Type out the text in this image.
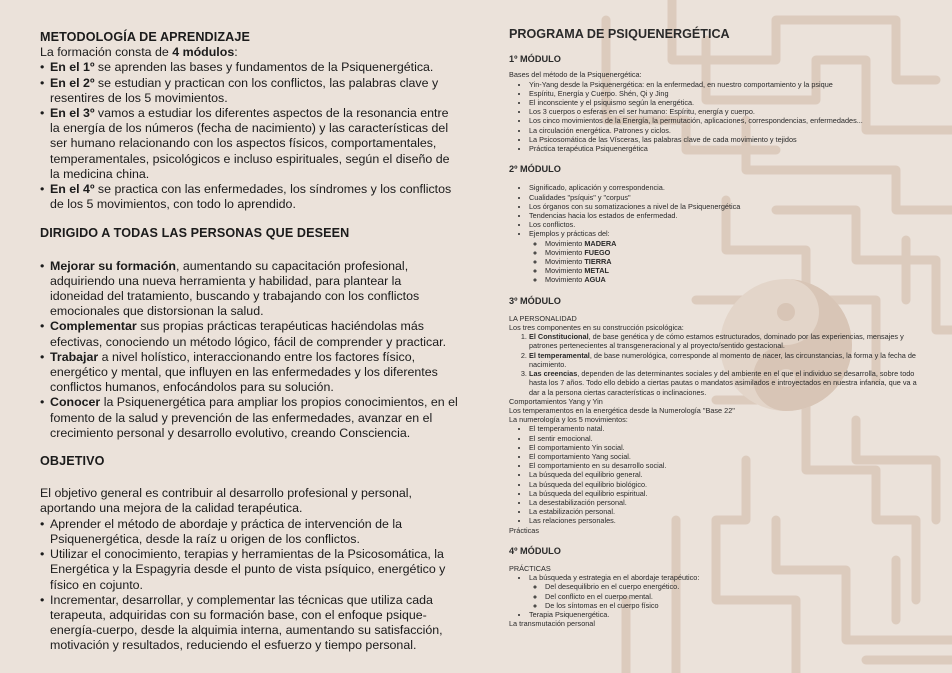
METODOLOGÍA DE APRENDIZAJE

La formación consta de 4 módulos:

• En el 1º se aprenden las bases y fundamentos de la Psiquenergética.
• En el 2º se estudian y practican con los conflictos, las palabras clave y resentires de los 5 movimientos.
• En el 3º vamos a estudiar los diferentes aspectos de la resonancia entre la energía de los números (fecha de nacimiento) y las características del ser humano relacionando con los aspectos físicos, comportamentales, temperamentales, psicológicos e incluso espirituales, según el diseño de la medicina china.
• En el 4º se practica con las enfermedades, los síndromes y los conflictos de los 5 movimientos, con todo lo aprendido.
DIRIGIDO A TODAS LAS PERSONAS QUE DESEEN
• Mejorar su formación, aumentando su capacitación profesional, adquiriendo una nueva herramienta y habilidad, para plantear la idoneidad del tratamiento, buscando y trabajando con los conflictos emocionales que distorsionan la salud.
• Complementar sus propias prácticas terapéuticas haciéndolas más efectivas, conociendo un método lógico, fácil de comprender y practicar.
• Trabajar a nivel holístico, interaccionando entre los factores físico, energético y mental, que influyen en las enfermedades y los diferentes conflictos humanos, enfocándolos para su solución.
• Conocer la Psiquenergética para ampliar los propios conocimientos, en el fomento de la salud y prevención de las enfermedades, avanzar en el crecimiento personal y desarrollo evolutivo, creando Consciencia.
OBJETIVO

El objetivo general es contribuir al desarrollo profesional y personal, aportando una mejora de la calidad terapéutica.

• Aprender el método de abordaje y práctica de intervención de la Psiquenergética, desde la raíz u origen de los conflictos.
• Utilizar el conocimiento, terapias y herramientas de la Psicosomática, la Energética y la Espagyria desde el punto de vista psíquico, energético y físico en cojunto.
• Incrementar, desarrollar, y complementar las técnicas que utiliza cada terapeuta, adquiridas con su formación base, con el enfoque psique-energía-cuerpo, desde la alquimia interna, aumentando su satisfacción, motivación y resultados, reduciendo el esfuerzo y tiempo personal.
PROGRAMA DE PSIQUENERGÉTICA
1º MÓDULO

Bases del método de la Psiquenergética:

• Yin-Yang desde la Psiquenergética: en la enfermedad, en nuestro comportamiento y la psique
• Espíritu, Energía y Cuerpo. Shén, Qi y Jing
• El inconsciente y el psiquismo según la energética.
• Los 3 cuerpos o esferas en el ser humano: Espíritu, energía y cuerpo.
• Los cinco movimientos de la Energía, la permutación, aplicaciones, correspondencias, enfermedades...
• La circulación energética. Patrones y ciclos.
• La Psicosomática de las Vísceras, las palabras clave de cada movimiento y tejidos
• Práctica terapéutica Psiquenergética
2º MÓDULO
• Significado, aplicación y correspondencia.
• Cualidades "psíquis" y "corpus"
• Los órganos con su somatizaciones a nivel de la Psiquenergética
• Tendencias hacia los estados de enfermedad.
• Los conflictos.
• Ejemplos y prácticas del:
◦ Movimiento MADERA
◦ Movimiento FUEGO
◦ Movimiento TIERRA
◦ Movimiento METAL
◦ Movimiento AGUA
3º MÓDULO

LA PERSONALIDAD

Los tres componentes en su construcción psicológica:

1. El Constitucional, de base genética y de cómo estamos estructurados, dominado por las experiencias, mensajes y patrones pertenecientes al transgeneracional y al proyecto/sentido gestacional.
2. El temperamental, de base numerológica, corresponde al momento de nacer, las circunstancias, la forma y la fecha de nacimiento.
3. Las creencias, dependen de las determinantes sociales y del ambiente en el que el individuo se desarrolla, sobre todo hasta los 7 años. Todo ello debido a ciertas pautas o mandatos asimilados e introyectados en nuestra infancia, que va a dar a la persona ciertas características o inclinaciones.

Comportamientos Yang y Yin

Los temperamentos en la energética desde la Numerología "Base 22"

La numerología y los 5 movimientos:

• El temperamento natal.
• El sentir emocional.
• El comportamiento Yin social.
• El comportamiento Yang social.
• El comportamiento en su desarrollo social.
• La búsqueda del equilibrio general.
• La búsqueda del equilibrio biológico.
• La búsqueda del equilibrio espiritual.
• La desestabilización personal.
• La estabilización personal.
• Las relaciones personales.

Prácticas

4º MÓDULO

PRÁCTICAS

• La búsqueda y estrategia en el abordaje terapéutico:
◦ Del desequilibrio en el cuerpo energético.
◦ Del conflicto en el cuerpo mental.
◦ De los síntomas en el cuerpo físico
• Terapia Psiquenergética.

La transmutación personal
